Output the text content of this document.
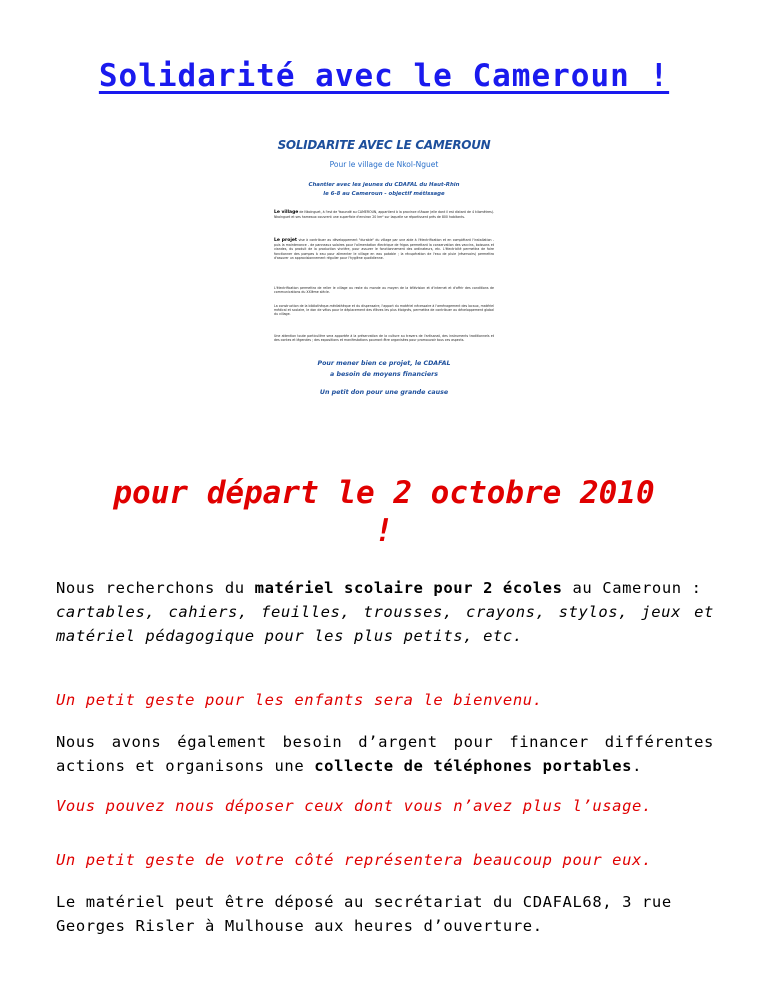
Solidarité avec le Cameroun !
SOLIDARITE AVEC LE CAMEROUN
Pour le village de Nkol-Nguet
Chantier avec les jeunes du CDAFAL du Haut-Rhin
le 6-8 au Cameroun - objectif métissage
Le village de Nkolnguet, à l'est de Yaoundé au CAMEROUN, appartient à la province d'Awae (elle dont il est distant de 4 kilomètres). Nkolnguet et ses hameaux couvrent une superficie d'environ 20 km² sur laquelle se répartissent près de 800 habitants.
Le projet vise à contribuer au développement "durable" du village par une aide à l'électrification et en complétant l'installation - puis la maintenance - de panneaux solaires pour l'alimentation électrique de frigos permettant la conservation des vaccins, boissons et viandes, du produit de la production vivrière, pour assurer le fonctionnement des ordinateurs, etc. L'électricité permettra de faire fonctionner des pompes à eau pour alimenter le village en eau potable ; la récupération de l'eau de pluie (réservoirs) permettra d'assurer un approvisionnement régulier pour l'hygiène quotidienne.
L'électrification permettra de relier le village au reste du monde au moyen de la télévision et d'internet et d'offrir des conditions de communications du XXIème siècle.
La construction de la bibliothèque-médiathèque et du dispensaire, l'apport du matériel nécessaire à l'aménagement des locaux, matériel médical et scolaire, le don de vélos pour le déplacement des élèves les plus éloignés, permettra de contribuer au développement global du village.
Une attention toute particulière sera apportée à la préservation de la culture au travers de l'artisanat, des instruments traditionnels et des contes et légendes ; des expositions et manifestations pourront être organisées pour promouvoir tous ces aspects.
Pour mener bien ce projet, le CDAFAL
a besoin de moyens financiers
Un petit don pour une grande cause
pour départ le 2 octobre 2010
!

Nous recherchons du matériel scolaire pour 2 écoles au Cameroun :
cartables, cahiers, feuilles, trousses, crayons, stylos, jeux et matériel pédagogique pour les plus petits, etc.

Un petit geste pour les enfants sera le bienvenu.

Nous avons également besoin d’argent pour financer différentes actions et organisons une collecte de téléphones portables.

Vous pouvez nous déposer ceux dont vous n’avez plus l’usage.

Un petit geste de votre côté représentera beaucoup pour eux.

Le matériel peut être déposé au secrétariat du CDAFAL68, 3 rue Georges Risler à Mulhouse aux heures d’ouverture.
